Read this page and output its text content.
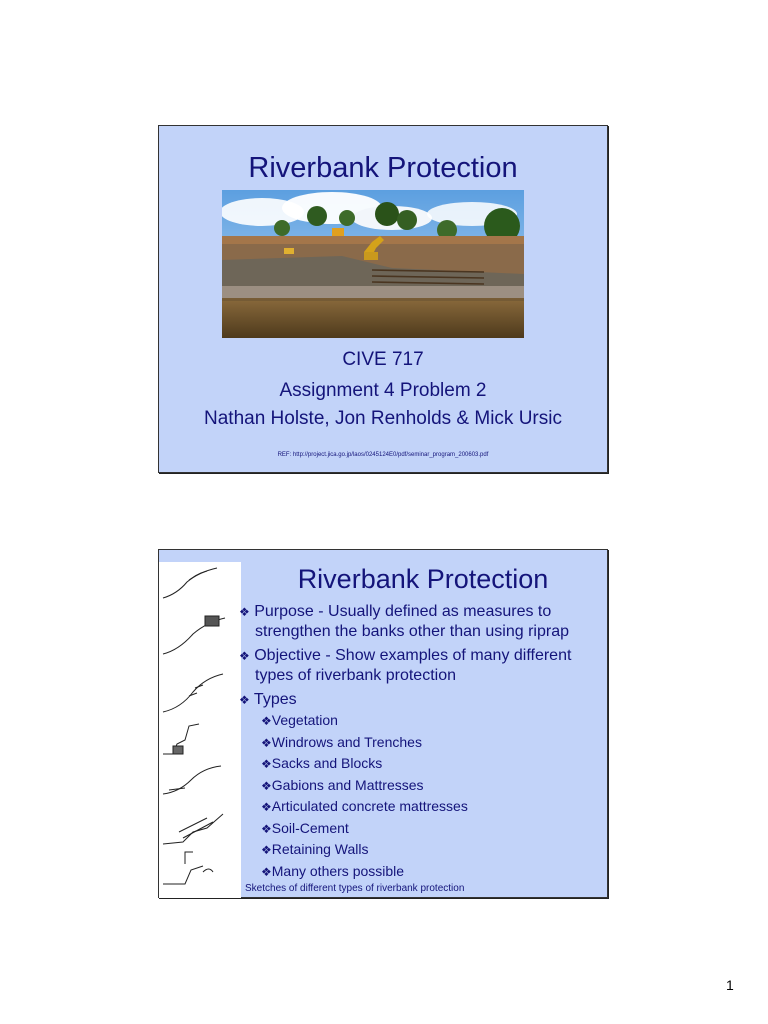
Riverbank Protection
CIVE 717
Assignment 4 Problem 2
Nathan Holste, Jon Renholds & Mick Ursic
REF: http://project.jica.go.jp/laos/0245124E0/pdf/seminar_program_200603.pdf
Riverbank Protection
❖ Purpose - Usually defined as measures to strengthen the banks other than using riprap
❖ Objective - Show examples of many different types of riverbank protection
❖ Types
❖Vegetation
❖Windrows and Trenches
❖Sacks and Blocks
❖Gabions and Mattresses
❖Articulated concrete mattresses
❖Soil-Cement
❖Retaining Walls
❖Many others possible
Sketches of different types of riverbank protection
1
